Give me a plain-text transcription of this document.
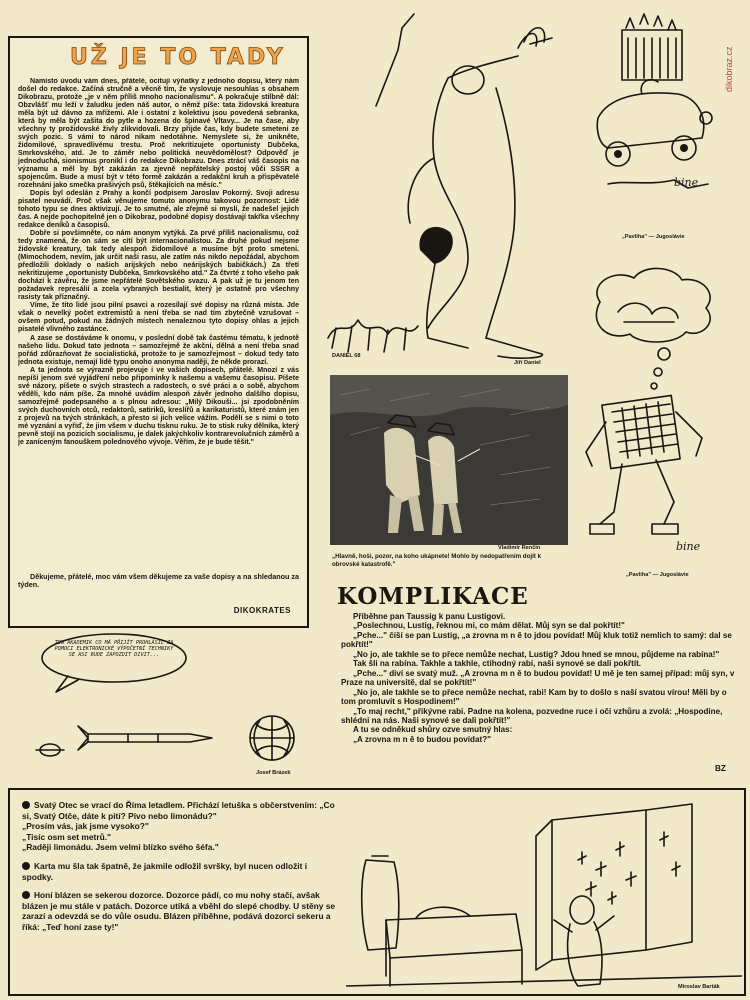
dikobraz.cz
UŽ JE TO TADY

Namísto úvodu vám dnes, přátelé, ocitují výňatky z jednoho dopisu, který nám došel do redakce. Začíná stručně a věcně tím, že vyslovuje nesouhlas s obsahem Dikobrazu, protože „je v něm příliš mnoho nacionalismu". A pokračuje stilbně dál: Obzvlášť mu leží v žaludku jeden náš autor, o němž píše: tata židovská kreatura měla být už dávno za mřížemi. Ale i ostatní z kolektivu jsou povedená sebranka, která by měla být zašita do pytle a hozena do špinavé Vltavy... Je na čase, aby všechny ty prožidovské živly zlikvidovali. Brzy přijde čas, kdy budete smeteni ze svých pozic. S vámi to národ nikam nedotáhne. Nemyslete si, že unikněte, židomilové, spravedlivému trestu. Proč nekritizujete oportunisty Dubčeka, Smrkovského, atd. Je to záměr nebo politická neuvědomělost? Odpověď je jednoduchá, sionismus pronikl i do redakce Dikobrazu. Dnes ztrácí váš časopis na významu a měl by být zakázán za zjevně nepřátelský postoj vůči SSSR a spojencům. Bude a musí být v této formě zakázán a redakční kruh a přispěvatelé rozehnáni jako smečka prašivých psů, štěkajících na měsíc."

Dopis byl odeslán z Prahy a končí podpisem Jaroslav Pokorný. Svoji adresu pisatel neuvádí. Proč však věnujeme tomuto anonymu takovou pozornost: Lidé tohoto typu se dnes aktivizují. Je to smutné, ale zřejmě si myslí, že nadešel jejich čas. A nejde pochopitelně jen o Dikobraz, podobné dopisy dostávají takřka všechny redakce deníků a časopisů.

Dobře si povšimněte, co nám anonym vytýká. Za prvé příliš nacionalismu, což tedy znamená, že on sám se cítí být internacionalistou. Za druhé pokud nejsme židovské kreatury, tak tedy alespoň židomilové a musíme být proto smeteni. (Mimochodem, nevím, jak určit naši rasu, ale zatím nás nikdo nepožádal, abychom předložili doklady o našich arijských nebo neárijských babičkách.) Za třetí nekritizujeme „oportunisty Dubčeka, Smrkovského atd." Za čtvrté z toho všeho pak dochází k závěru, že jsme nepřátelé Sovětského svazu. A pak už je tu jenom ten požadavek represálií a zcela vybraných bestialit, který je ostatně pro všechny rasisty tak příznačný.

Víme, že tito lidé jsou pilní psavci a rozesílají své dopisy na různá místa. Jde však o nevelký počet extremistů a není třeba se nad tím zbytečně vzrušovat – ovšem potud, pokud na žádných místech nenaleznou tyto dopisy ohlas a jejich pisatelé vlivného zastánce.

A zase se dostáváme k onomu, v poslední době tak častému tématu, k jednotě našeho lidu. Dokud tato jednota – samozřejmě že akční, dělná a není třeba snad pořád zdůrazňovat že socialistická, protože to je samozřejmost – dokud tedy tato jednota existuje, nemají lidé typu onoho anonyma naději, že někde prorazí.

A ta jednota se výrazně projevuje i ve vašich dopisech, přátelé. Mnozí z vás nepíší jenom své vyjádření nebo připomínky k našemu a vašemu časopisu. Píšete své názory, píšete o svých strastech a radostech, o své práci a o sobě, abychom věděli, kdo nám píše. Za mnohé uvádím alespoň závěr jednoho dalšího dopisu, samozřejmě podepsaného a s plnou adresou: „Milý Dikouši... jsi zpodobněním svých duchovních otců, redaktorů, satiriků, kreslířů a karikaturistů, které znám jen z projevů na tvých stránkách, a přesto si jich velice vážím. Podělí se s nimi o toto mé vyznání a vyřiď, že jim všem v duchu tisknu ruku. Je to stisk ruky dělníka, který pevně stojí na pozicích socialismu, je dalek jakýchkoliv kontrarevolučních záměrů a je zaníceným fanouškem polednového vývoje. Věřím, že je bude těšit."

Děkujeme, přátelé, moc vám všem děkujeme za vaše dopisy a na shledanou za týden.
DIKOKRATES
DANIEL 68
Jiří Daniel
bine
„Pavliha" — Jugoslávie
bine
„Pavliha" — Jugoslávie
Vladimír Renčín
„Hlavně, hoši, pozor, na koho ukápnete! Mohlo by nedopatřením dojít k obrovské katastrofě."
TEN AKADEMIK CO MÁ PŘIJÍT PROHLÁSIL ZA POMOCI ELEKTRONICKÉ VÝPOČETNÍ TECHNIKY SE ASI BUDE ZAPOZDIT DIVIT...
Josef Brázek
KOMPLIKACE

Příběhne pan Taussig k panu Lustigovi.

„Poslechnou, Lustig, řeknou mi, co mám dělat. Můj syn se dal pokřtít!"

„Pche..." číší se pan Lustig, „a zrovna m n ě to jdou povídat! Můj kluk totiž nemlich to samý: dal se pokřtít!"

„No jo, ale takhle se to přece nemůže nechat, Lustig? Jdou hned se mnou, půjdeme na rabína!"

Tak šli na rabína. Takhle a takhle, ctihodný rabi, naši synové se dali pokřtít.

„Pche..." diví se svatý muž. „A zrovna m n ě to budou povídat! U mě je ten samej případ: můj syn, v Praze na universitě, dal se pokřtít!"

„No jo, ale takhle se to přece nemůže nechat, rabi! Kam by to došlo s naší svatou vírou! Měli by o tom promluvit s Hospodinem!"

„To maj recht," přikývne rabi. Padne na kolena, pozvedne ruce i oči vzhůru a zvolá: „Hospodine, shlédni na nás. Naši synové se dali pokřtít!"

A tu se odněkud shůry ozve smutný hlas:

„A zrovna m n ě to budou povídat?"

BZ

Svatý Otec se vrací do Říma letadlem. Přichází letuška s občerstvením: „Co si, Svatý Otče, dáte k pití? Pivo nebo limonádu?"
„Prosím vás, jak jsme vysoko?"
„Tisíc osm set metrů."
„Raději limonádu. Jsem velmi blízko svého šéfa."

Karta mu šla tak špatně, že jakmile odložil svršky, byl nucen odložit i spodky.

Honí blázen se sekerou dozorce. Dozorce pádí, co mu nohy stačí, avšak blázen je mu stále v patách. Dozorce utíká a vběhl do slepé chodby. U stěny se zarazí a odevzdá se do vůle osudu. Blázen příběhne, podává dozorci sekeru a říká: „Teď honí zase ty!"

Miroslav Barták
